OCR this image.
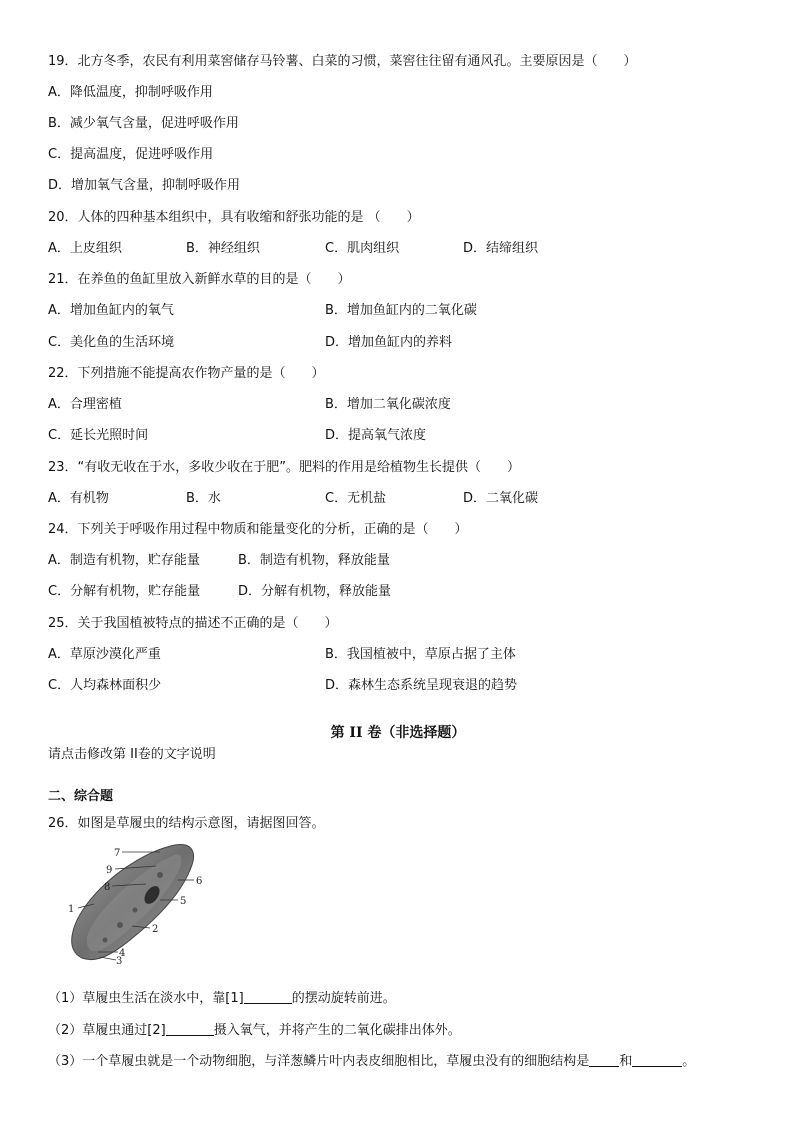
19．北方冬季，农民有利用菜窖储存马铃薯、白菜的习惯，菜窖往往留有通风孔。主要原因是（　　）
A．降低温度，抑制呼吸作用
B．减少氧气含量，促进呼吸作用
C．提高温度，促进呼吸作用
D．增加氧气含量，抑制呼吸作用
20．人体的四种基本组织中，具有收缩和舒张功能的是 （　　）
A．上皮组织	B．神经组织	C．肌肉组织	D．结缔组织
21．在养鱼的鱼缸里放入新鲜水草的目的是（　　）
A．增加鱼缸内的氧气	B．增加鱼缸内的二氧化碳
C．美化鱼的生活环境	D．增加鱼缸内的养料
22．下列措施不能提高农作物产量的是（　　）
A．合理密植	B．增加二氧化碳浓度
C．延长光照时间	D．提高氧气浓度
23．“有收无收在于水，多收少收在于肥”。肥料的作用是给植物生长提供（　　）
A．有机物	B．水	C．无机盐	D．二氧化碳
24．下列关于呼吸作用过程中物质和能量变化的分析，正确的是（　　）
A．制造有机物，贮存能量	B．制造有机物，释放能量
C．分解有机物，贮存能量	D．分解有机物，释放能量
25．关于我国植被特点的描述不正确的是（　　）
A．草原沙漠化严重	B．我国植被中，草原占据了主体
C．人均森林面积少	D．森林生态系统呈现衰退的趋势
第 II 卷（非选择题）
请点击修改第 II卷的文字说明
二、综合题
26．如图是草履虫的结构示意图，请据图回答。
7
9
8
1
6
5
2
4
3
（1）草履虫生活在淡水中，靠[1]	的摆动旋转前进。
（2）草履虫通过[2]	摄入氧气，并将产生的二氧化碳排出体外。
（3）一个草履虫就是一个动物细胞，与洋葱鳞片叶内表皮细胞相比，草履虫没有的细胞结构是 和	。
